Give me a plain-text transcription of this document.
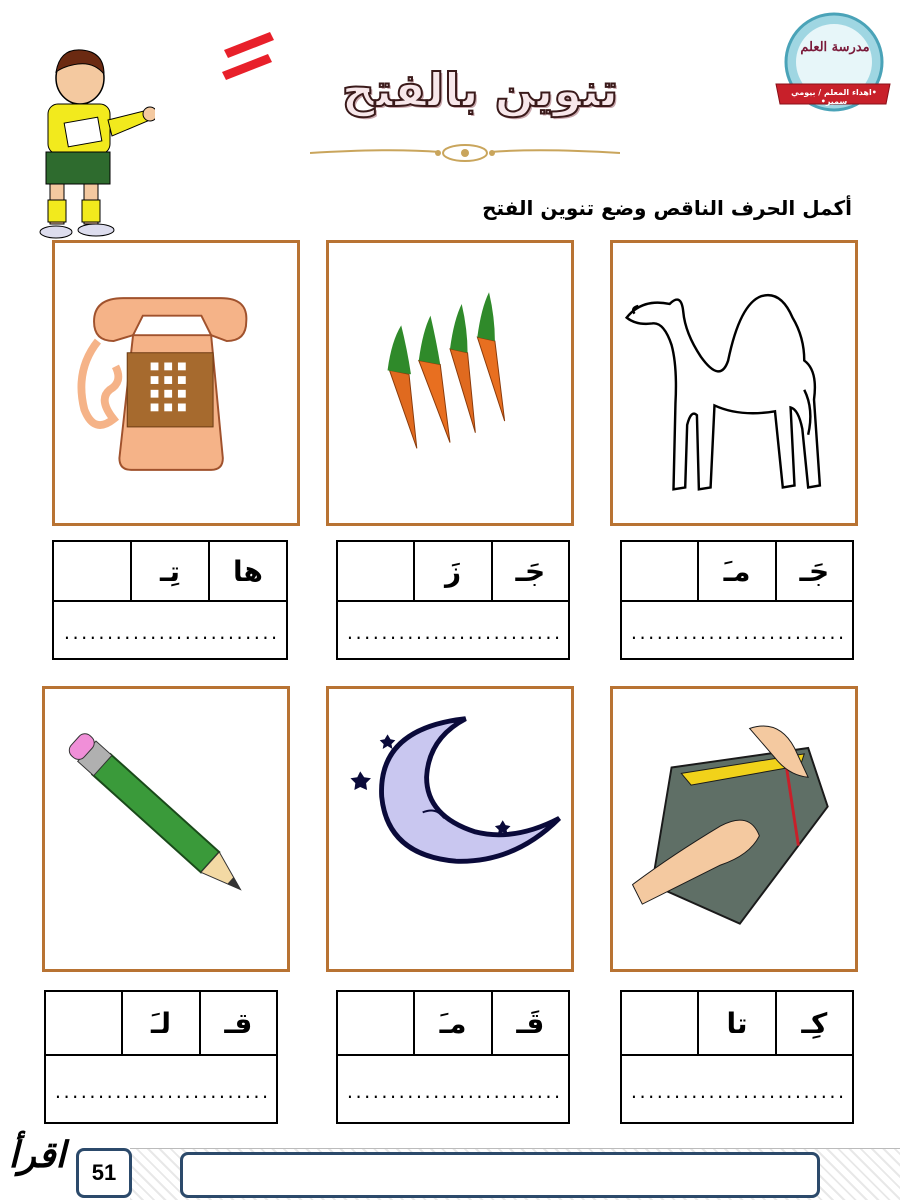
تنوين بالفتح
مدرسة العلم
•اهداء المعلم / بيومي سمير•
أكمل الحرف الناقص وضع تنوين الفتح
جَـ
مـَ
.........................
جَـ
زَ
.........................
ها
تِـ
.........................
كِـ
تا
.........................
قَـ
مـَ
.........................
قـ
لـَ
.........................
51
اقرأ
